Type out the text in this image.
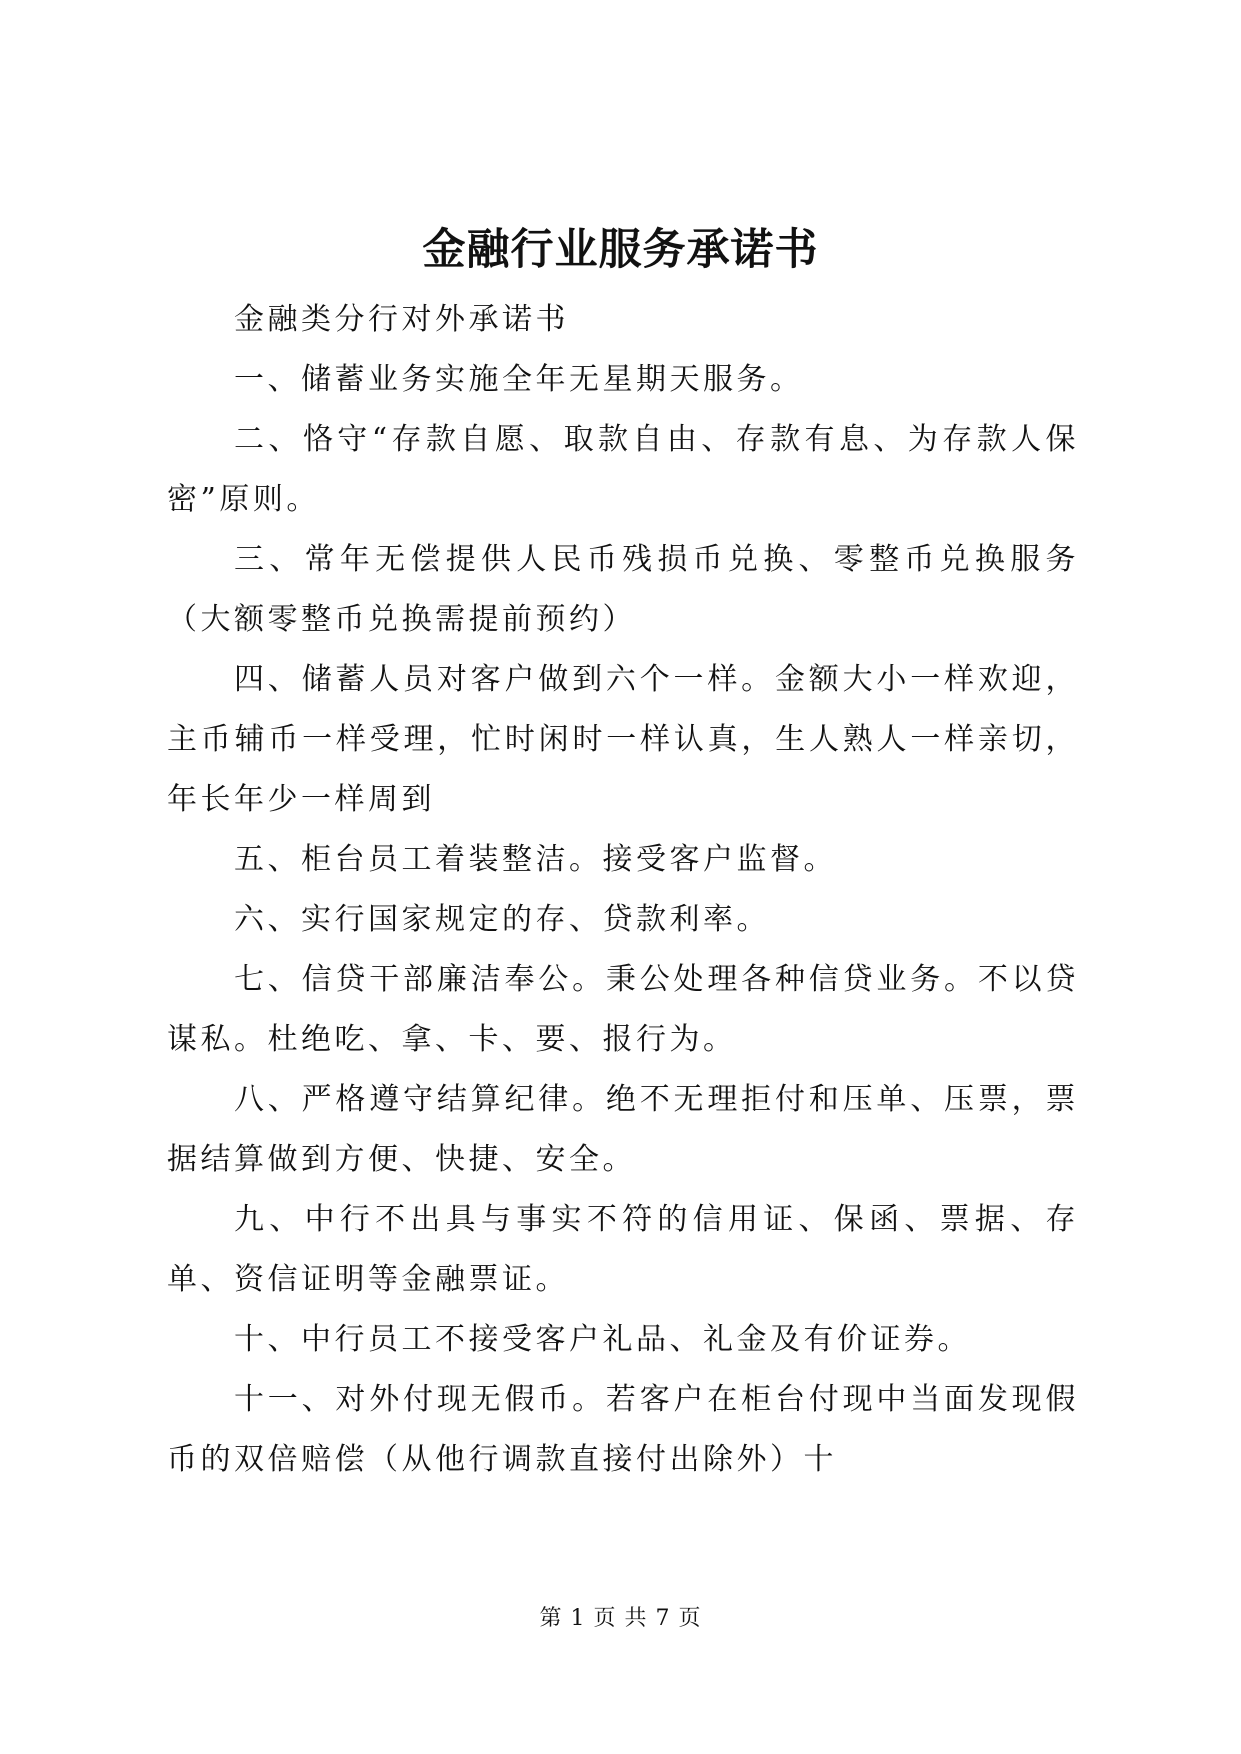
金融行业服务承诺书

金融类分行对外承诺书

一、储蓄业务实施全年无星期天服务。

二、恪守“存款自愿、取款自由、存款有息、为存款人保密”原则。

三、常年无偿提供人民币残损币兑换、零整币兑换服务（大额零整币兑换需提前预约）

四、储蓄人员对客户做到六个一样。金额大小一样欢迎，主币辅币一样受理，忙时闲时一样认真，生人熟人一样亲切，年长年少一样周到

五、柜台员工着装整洁。接受客户监督。

六、实行国家规定的存、贷款利率。

七、信贷干部廉洁奉公。秉公处理各种信贷业务。不以贷谋私。杜绝吃、拿、卡、要、报行为。

八、严格遵守结算纪律。绝不无理拒付和压单、压票，票据结算做到方便、快捷、安全。

九、中行不出具与事实不符的信用证、保函、票据、存单、资信证明等金融票证。

十、中行员工不接受客户礼品、礼金及有价证券。

十一、对外付现无假币。若客户在柜台付现中当面发现假币的双倍赔偿（从他行调款直接付出除外）十

第 1 页 共 7 页
